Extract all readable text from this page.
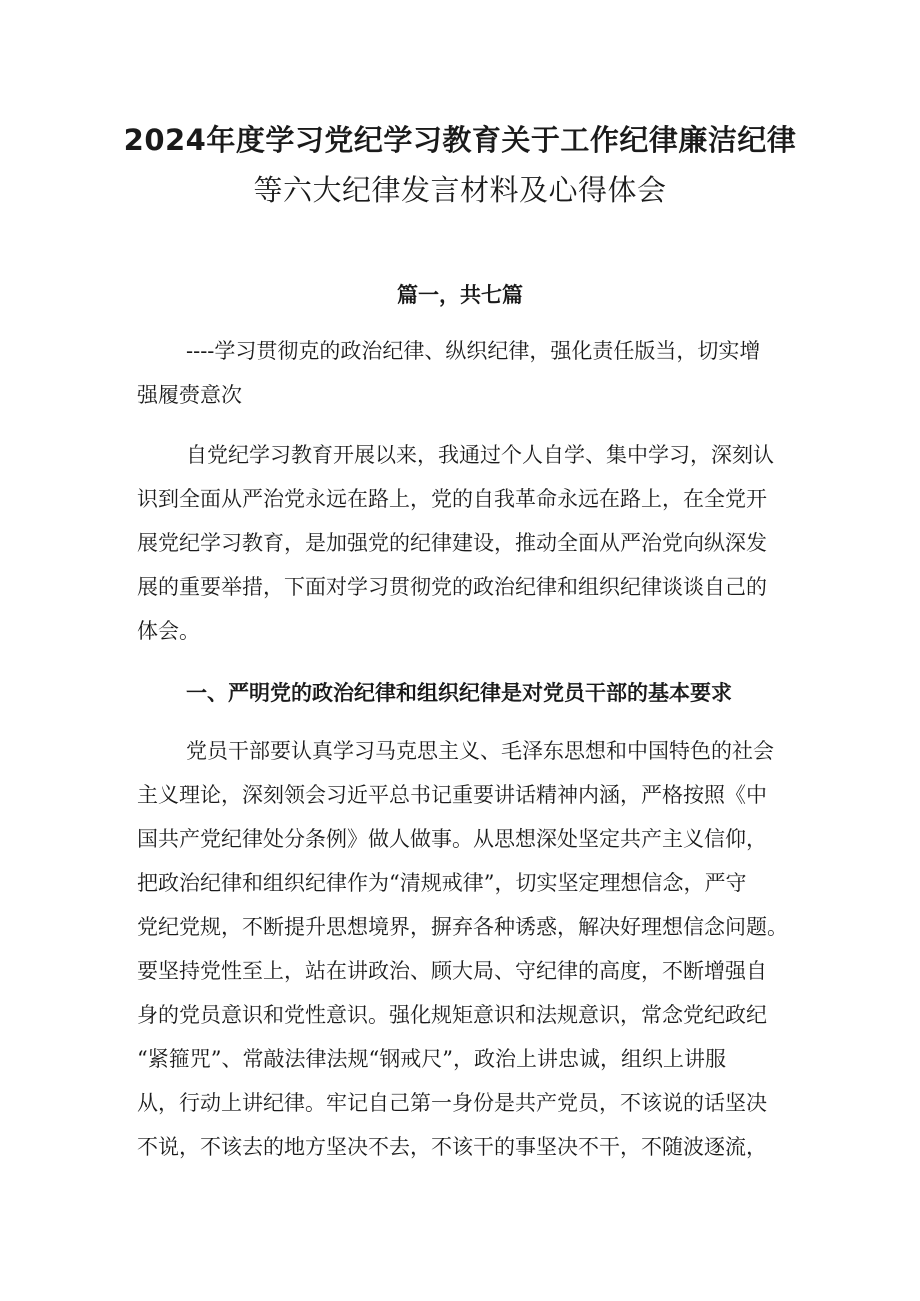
2024年度学习党纪学习教育关于工作纪律廉洁纪律
等六大纪律发言材料及心得体会
篇一，共七篇
----学习贯彻克的政治纪律、纵织纪律，强化责任版当，切实增
强履赍意次
自党纪学习教育开展以来，我通过个人自学、集中学习，深刻认
识到全面从严治党永远在路上，党的自我革命永远在路上，在全党开
展党纪学习教育，是加强党的纪律建设，推动全面从严治党向纵深发
展的重要举措，下面对学习贯彻党的政治纪律和组织纪律谈谈自己的
体会。
一、严明党的政治纪律和组织纪律是对党员干部的基本要求
党员干部要认真学习马克思主义、毛泽东思想和中国特色的社会
主义理论，深刻领会习近平总书记重要讲话精神内涵，严格按照《中
国共产党纪律处分条例》做人做事。从思想深处坚定共产主义信仰，
把政治纪律和组织纪律作为“清规戒律”，切实坚定理想信念，严守
党纪党规，不断提升思想境界，摒弃各种诱惑，解决好理想信念问题。
要坚持党性至上，站在讲政治、顾大局、守纪律的高度，不断增强自
身的党员意识和党性意识。强化规矩意识和法规意识，常念党纪政纪
“紧箍咒”、常敲法律法规“钢戒尺”，政治上讲忠诚，组织上讲服
从，行动上讲纪律。牢记自己第一身份是共产党员，不该说的话坚决
不说，不该去的地方坚决不去，不该干的事坚决不干，不随波逐流，
